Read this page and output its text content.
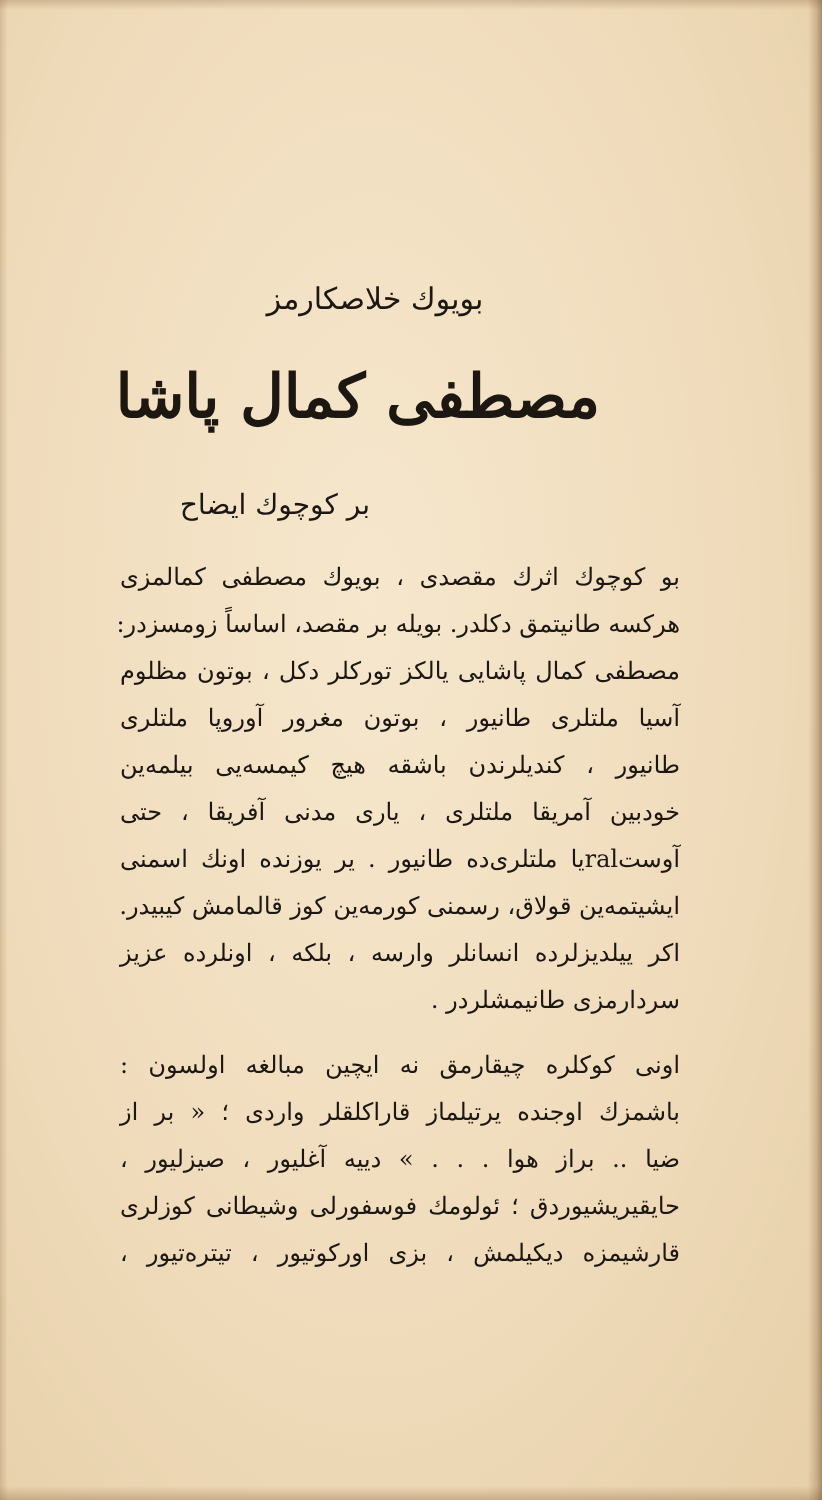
بویوك خلاصكارمز
مصطفی كمال پاشا
بر كوچوك ایضاح
بو كوچوك اثرك مقصدی ، بویوك مصطفی كمالمزی
هركسه طانیتمق دكلدر. بویله بر مقصد، اساساً زومسزدر:
مصطفی كمال پاشایی یالكز توركلر دكل ، بوتون مظلوم
آسیا ملتلری طانیور ، بوتون مغرور آوروپا ملتلری
طانیور ، كندیلرندن باشقه هیچ كیمسه‌یی بیلمه‌ین
خودبین آمریقا ملتلری ، یاری مدنی آفریقا ، حتی
آوستralیا ملتلری‌ده طانیور . یر یوزنده اونك اسمنی
ایشیتمه‌ین قولاق، رسمنی كورمه‌ین كوز قالمامش كیبیدر.
اكر ییلدیزلرده انسانلر وارسه ، بلكه ، اونلرده عزیز
سردارمزی طانیمشلردر .
اونی كوكلره چیقارمق نه ایچین مبالغه اولسون :
باشمزك اوجنده یرتیلماز قاراكلقلر واردی ؛ « بر از
ضیا .. براز هوا . . . » دییه آغلیور ، صیزلیور ،
حایقیریشیوردق ؛ ئولومك فوسفورلی وشیطانی كوزلری
قارشیمزه دیكیلمش ، بزی اوركوتیور ، تیتره‌تیور ،
